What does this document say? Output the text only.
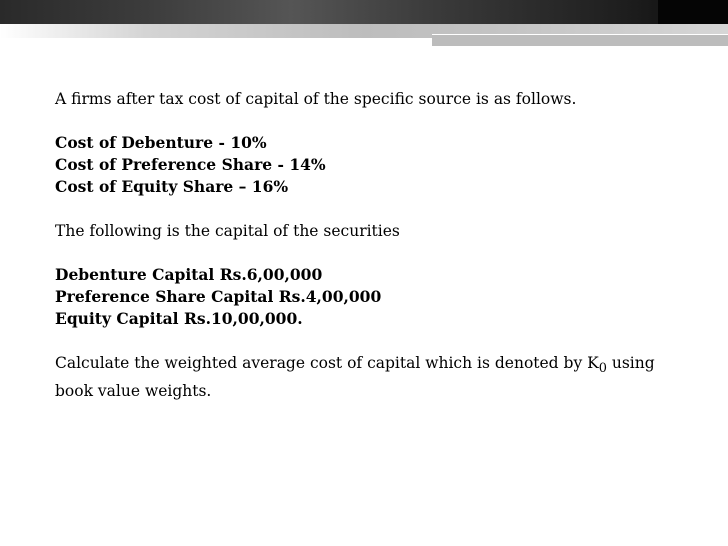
A firms after tax cost of capital of the specific source is as follows.

Cost of Debenture - 10%

Cost of Preference Share - 14%

Cost of Equity Share – 16%

The following is the capital of the securities

Debenture Capital Rs.6,00,000

Preference Share Capital Rs.4,00,000

Equity Capital Rs.10,00,000.

Calculate the weighted average cost of capital which is denoted by $K_0$ using book value weights.
